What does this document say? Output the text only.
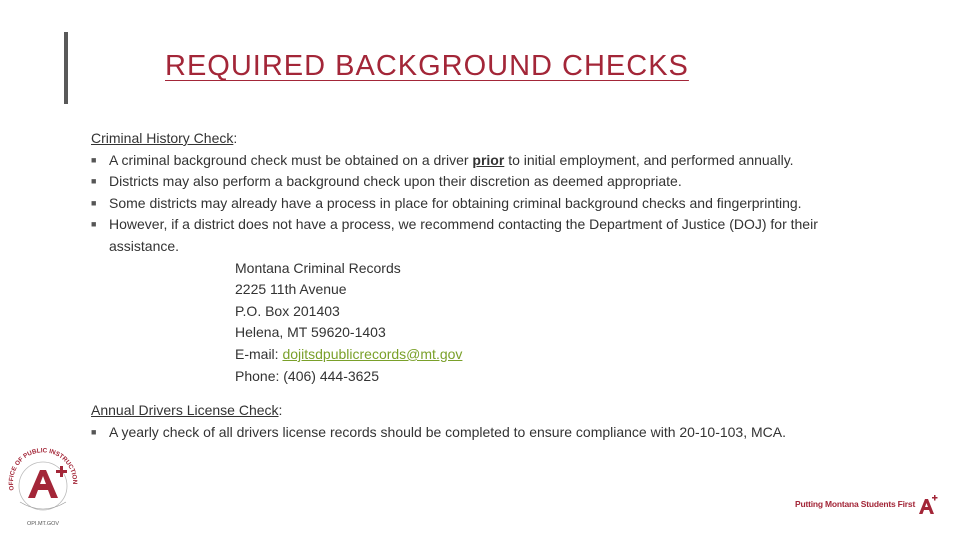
REQUIRED BACKGROUND CHECKS

Criminal History Check:

■ A criminal background check must be obtained on a driver prior to initial employment, and performed annually.
■ Districts may also perform a background check upon their discretion as deemed appropriate.
■ Some districts may already have a process in place for obtaining criminal background checks and fingerprinting.
■ However, if a district does not have a process, we recommend contacting the Department of Justice (DOJ) for their assistance.
Montana Criminal Records
2225 11th Avenue
P.O. Box 201403
Helena, MT 59620-1403
E-mail: dojitsdpublicrecords@mt.gov
Phone: (406) 444-3625

Annual Drivers License Check:

■ A yearly check of all drivers license records should be completed to ensure compliance with 20-10-103, MCA.
OFFICE OF PUBLIC INSTRUCTION
OPI.MT.GOV
Putting Montana Students First
